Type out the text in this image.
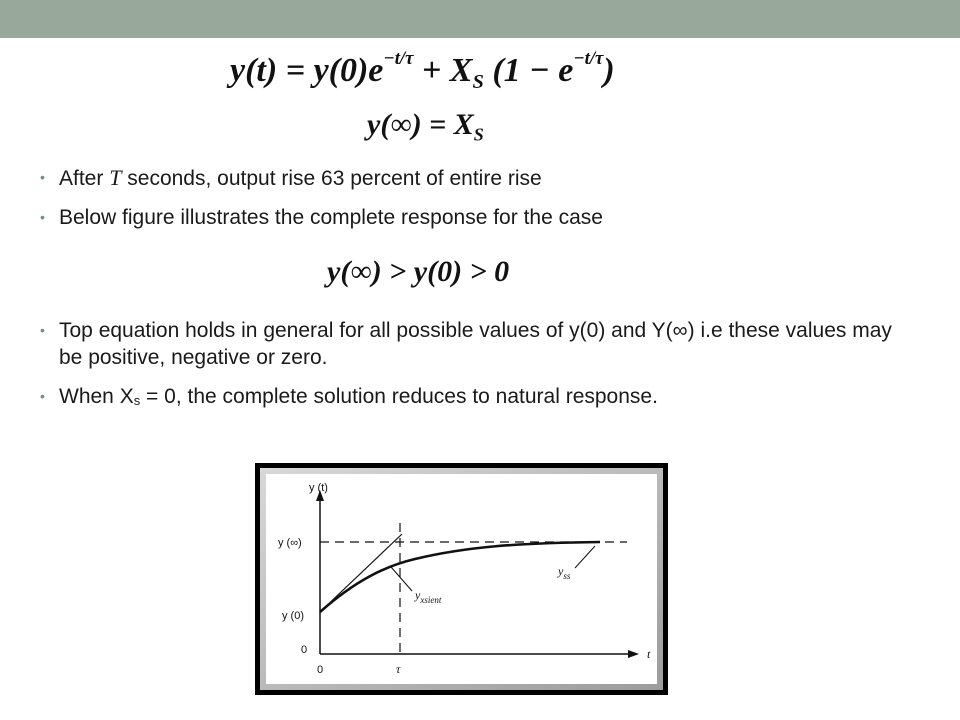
$y(t) = y(0)e^{-t/\tau} + X_S$ $(1 - e^{-t/\tau})$
$y(\infty) = X_S$
• After T seconds, output rise 63 percent of entire rise
• Below figure illustrates the complete response for the case
y(∞) > y(0) > 0
• Top equation holds in general for all possible values of y(0) and Y(∞) i.e these values may be positive, negative or zero.
• When Xs = 0, the complete solution reduces to natural response.
y (t)
t
y (∞)
y (0)
0
0	τ
$y_{xsient}$
$y_{ss}$
